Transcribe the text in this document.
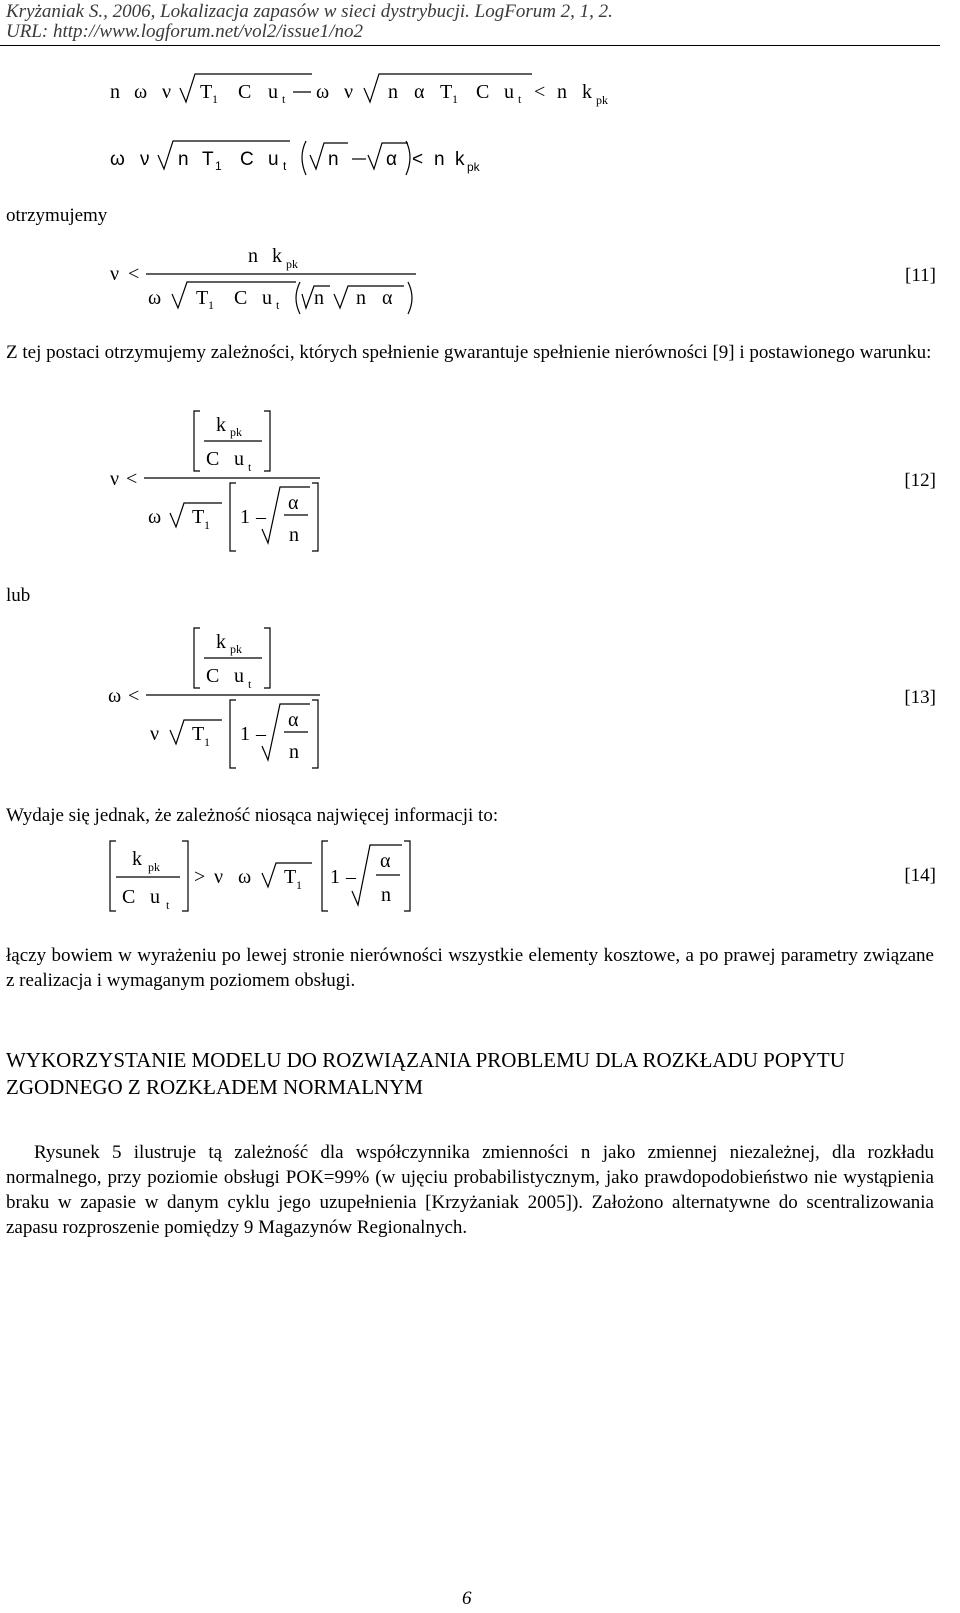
Kryżaniak S., 2006, Lokalizacja zapasów w sieci dystrybucji. LogForum 2, 1, 2.
URL: http://www.logforum.net/vol2/issue1/no2
n ω ν T 1 C u t ω ν n α T 1 C u t < n k pk
ω ν n T 1 C u t n α < n k pk
otrzymujemy
ν <
n k pk
ω T 1 C u t n n α
[11]
Z tej postaci otrzymujemy zależności, których spełnienie gwarantuje spełnienie nierówności [9] i postawionego warunku:
k pk
C u t
ν <
ω T 1 1 –
α
n
[12]
lub
k pk
C u t
ω <
ν T 1 1 –
α
n
[13]
Wydaje się jednak, że zależność niosąca najwięcej informacji to:
k pk
C u t
> ν ω T 1 1 –
α
n
[14]
łączy bowiem w wyrażeniu po lewej stronie nierówności wszystkie elementy kosztowe, a po prawej parametry związane z realizacja i wymaganym poziomem obsługi.
WYKORZYSTANIE MODELU DO ROZWIĄZANIA PROBLEMU DLA ROZKŁADU POPYTU ZGODNEGO Z ROZKŁADEM NORMALNYM
Rysunek 5 ilustruje tą zależność dla współczynnika zmienności n jako zmiennej niezależnej, dla rozkładu normalnego, przy poziomie obsługi POK=99% (w ujęciu probabilistycznym, jako prawdopodobieństwo nie wystąpienia braku w zapasie w danym cyklu jego uzupełnienia [Krzyżaniak 2005]). Założono alternatywne do scentralizowania zapasu rozproszenie pomiędzy 9 Magazynów Regionalnych.
6
